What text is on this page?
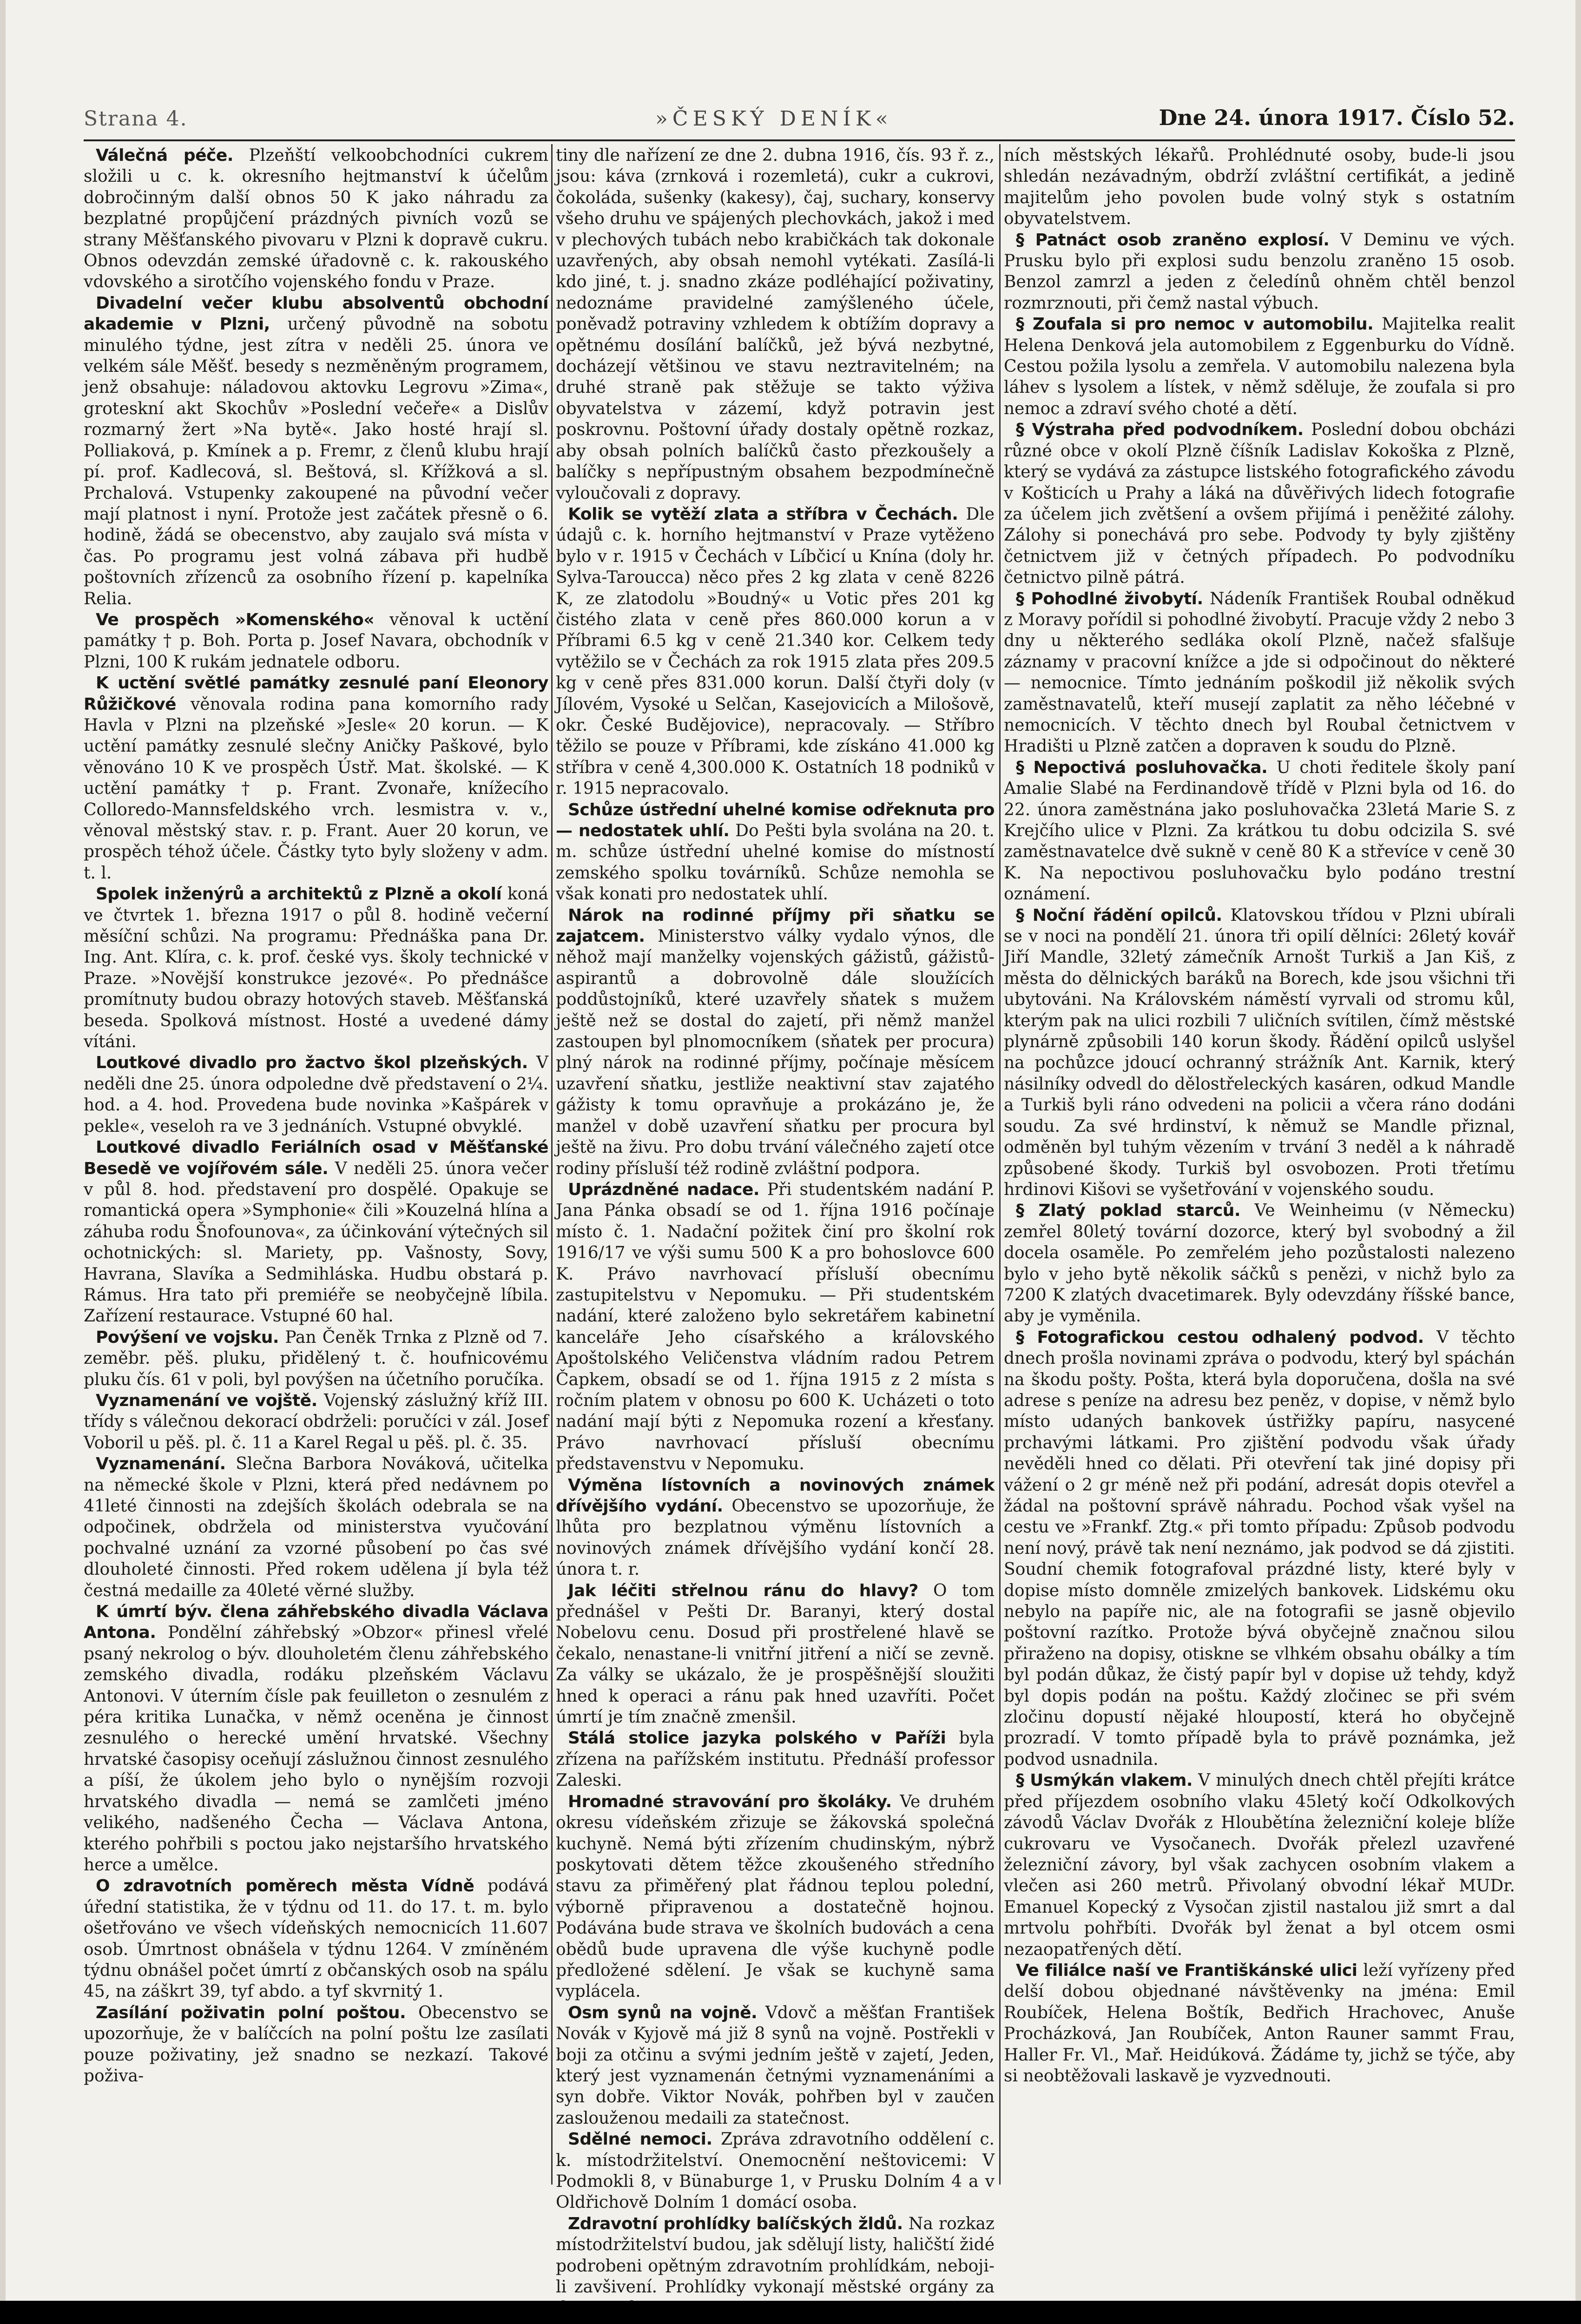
Strana 4.	»ČESKÝ DENÍK«	Dne 24. února 1917. Číslo 52.

Válečná péče. Plzeňští velkoobchodníci cukrem složili u c. k. okresního hejtmanství k účelům dobročinným další obnos 50 K jako náhradu za bezplatné propůjčení prázdných pivních vozů se strany Měšťanského pivovaru v Plzni k dopravě cukru. Obnos odevzdán zemské úřadovně c. k. rakouského vdovského a sirotčího vojenského fondu v Praze.

Divadelní večer klubu absolventů obchodní akademie v Plzni, určený původně na sobotu minulého týdne, jest zítra v neděli 25. února ve velkém sále Měšť. besedy s nezměněným programem, jenž obsahuje: náladovou aktovku Legrovu »Zima«, groteskní akt Skochův »Poslední večeře« a Dislův rozmarný žert »Na bytě«. Jako hosté hrají sl. Polliaková, p. Kmínek a p. Fremr, z členů klubu hrají pí. prof. Kadlecová, sl. Beštová, sl. Křížková a sl. Prchalová. Vstupenky zakoupené na původní večer mají platnost i nyní. Protože jest začátek přesně o 6. hodině, žádá se obecenstvo, aby zaujalo svá místa v čas. Po programu jest volná zábava při hudbě poštovních zřízenců za osobního řízení p. kapelníka Relia.

Ve prospěch »Komenského« věnoval k uctění památky † p. Boh. Porta p. Josef Navara, obchodník v Plzni, 100 K rukám jednatele odboru.

K uctění světlé památky zesnulé paní Eleonory Růžičkové věnovala rodina pana komorního rady Havla v Plzni na plzeňské »Jesle« 20 korun. — K uctění památky zesnulé slečny Aničky Paškové, bylo věnováno 10 K ve prospěch Ústř. Mat. školské. — K uctění památky † p. Frant. Zvonaře, knížecího Colloredo-Mannsfeldského vrch. lesmistra v. v., věnoval městský stav. r. p. Frant. Auer 20 korun, ve prospěch téhož účele. Částky tyto byly složeny v adm. t. l.

Spolek inženýrů a architektů z Plzně a okolí koná ve čtvrtek 1. března 1917 o půl 8. hodině večerní měsíční schůzi. Na programu: Přednáška pana Dr. Ing. Ant. Klíra, c. k. prof. české vys. školy technické v Praze. »Novější konstrukce jezové«. Po přednášce promítnuty budou obrazy hotových staveb. Měšťanská beseda. Spolková místnost. Hosté a uvedené dámy vítáni.

Loutkové divadlo pro žactvo škol plzeňských. V neděli dne 25. února odpoledne dvě představení o 2¼. hod. a 4. hod. Provedena bude novinka »Kašpárek v pekle«, veseloh ra ve 3 jednáních. Vstupné obvyklé.

Loutkové divadlo Feriálních osad v Měšťanské Besedě ve vojířovém sále. V neděli 25. února večer v půl 8. hod. představení pro dospělé. Opakuje se romantická opera »Symphonie« čili »Kouzelná hlína a záhuba rodu Šnofounova«, za účinkování výtečných sil ochotnických: sl. Mariety, pp. Vašnosty, Sovy, Havrana, Slavíka a Sedmihláska. Hudbu obstará p. Rámus. Hra tato při premiéře se neobyčejně líbila. Zařízení restaurace. Vstupné 60 hal.

Povýšení ve vojsku. Pan Čeněk Trnka z Plzně od 7. zeměbr. pěš. pluku, přidělený t. č. houfnicovému pluku čís. 61 v poli, byl povýšen na účetního poručíka.

Vyznamenání ve vojště. Vojenský záslužný kříž III. třídy s válečnou dekorací obdrželi: poručíci v zál. Josef Voboril u pěš. pl. č. 11 a Karel Regal u pěš. pl. č. 35.

Vyznamenání. Slečna Barbora Nováková, učitelka na německé škole v Plzni, která před nedávnem po 41leté činnosti na zdejších školách odebrala se na odpočinek, obdržela od ministerstva vyučování pochvalné uznání za vzorné působení po čas své dlouholeté činnosti. Před rokem udělena jí byla též čestná medaille za 40leté věrné služby.

K úmrtí býv. člena záhřebského divadla Václava Antona. Pondělní záhřebský »Obzor« přinesl vřelé psaný nekrolog o býv. dlouholetém členu záhřebského zemského divadla, rodáku plzeňském Václavu Antonovi. V úterním čísle pak feuilleton o zesnulém z péra kritika Lunačka, v němž oceněna je činnost zesnulého o herecké umění hrvatské. Všechny hrvatské časopisy oceňují záslužnou činnost zesnulého a píší, že úkolem jeho bylo o nynějším rozvoji hrvatského divadla — nemá se zamlčeti jméno velikého, nadšeného Čecha — Václava Antona, kterého pohřbili s poctou jako nejstaršího hrvatského herce a umělce.

O zdravotních poměrech města Vídně podává úřední statistika, že v týdnu od 11. do 17. t. m. bylo ošetřováno ve všech vídeňských nemocnicích 11.607 osob. Úmrtnost obnášela v týdnu 1264. V zmíněném týdnu obnášel počet úmrtí z občanských osob na spálu 45, na záškrt 39, tyf abdo. a tyf skvrnitý 1.

Zasílání poživatin polní poštou. Obecenstvo se upozorňuje, že v balíčcích na polní poštu lze zasílati pouze poživatiny, jež snadno se nezkazí. Takové poživa-

tiny dle nařízení ze dne 2. dubna 1916, čís. 93 ř. z., jsou: káva (zrnková i rozemletá), cukr a cukrovi, čokoláda, sušenky (kakesy), čaj, suchary, konservy všeho druhu ve spájených plechovkách, jakož i med v plechových tubách nebo krabičkách tak dokonale uzavřených, aby obsah nemohl vytékati. Zasílá-li kdo jiné, t. j. snadno zkáze podléhající poživatiny, nedoznáme pravidelné zamýšleného účele, poněvadž potraviny vzhledem k obtížím dopravy a opětnému dosílání balíčků, jež bývá nezbytné, docházejí většinou ve stavu neztravitelném; na druhé straně pak stěžuje se takto výživa obyvatelstva v zázemí, když potravin jest poskrovnu. Poštovní úřady dostaly opětně rozkaz, aby obsah polních balíčků často přezkoušely a balíčky s nepřípustným obsahem bezpodmínečně vyloučovali z dopravy.

Kolik se vytěží zlata a stříbra v Čechách. Dle údajů c. k. horního hejtmanství v Praze vytěženo bylo v r. 1915 v Čechách v Líbčicí u Knína (doly hr. Sylva-Taroucca) něco přes 2 kg zlata v ceně 8226 K, ze zlatodolu »Boudný« u Votic přes 201 kg čistého zlata v ceně přes 860.000 korun a v Příbrami 6.5 kg v ceně 21.340 kor. Celkem tedy vytěžilo se v Čechách za rok 1915 zlata přes 209.5 kg v ceně přes 831.000 korun. Další čtyři doly (v Jílovém, Vysoké u Selčan, Kasejovicích a Milošově, okr. České Budějovice), nepracovaly. — Stříbro těžilo se pouze v Příbrami, kde získáno 41.000 kg stříbra v ceně 4,300.000 K. Ostatních 18 podniků v r. 1915 nepracovalo.

Schůze ústřední uhelné komise odřeknuta pro — nedostatek uhlí. Do Pešti byla svolána na 20. t. m. schůze ústřední uhelné komise do místností zemského spolku továrníků. Schůze nemohla se však konati pro nedostatek uhlí.

Nárok na rodinné příjmy při sňatku se zajatcem. Ministerstvo války vydalo výnos, dle něhož mají manželky vojenských gážistů, gážistů-aspirantů a dobrovolně dále sloužících poddůstojníků, které uzavřely sňatek s mužem ještě než se dostal do zajetí, při němž manžel zastoupen byl plnomocníkem (sňatek per procura) plný nárok na rodinné příjmy, počínaje měsícem uzavření sňatku, jestliže neaktivní stav zajatého gážisty k tomu opravňuje a prokázáno je, že manžel v době uzavření sňatku per procura byl ještě na živu. Pro dobu trvání válečného zajetí otce rodiny přísluší též rodině zvláštní podpora.

Uprázdněné nadace. Při studentském nadání P. Jana Pánka obsadí se od 1. října 1916 počínaje místo č. 1. Nadační požitek činí pro školní rok 1916/17 ve výši sumu 500 K a pro bohoslovce 600 K. Právo navrhovací přísluší obecnímu zastupitelstvu v Nepomuku. — Při studentském nadání, které založeno bylo sekretářem kabinetní kanceláře Jeho císařského a královského Apoštolského Veličenstva vládním radou Petrem Čapkem, obsadí se od 1. října 1915 z 2 místa s ročním platem v obnosu po 600 K. Ucházeti o toto nadání mají býti z Nepomuka rození a křesťany. Právo navrhovací přísluší obecnímu představenstvu v Nepomuku.

Výměna lístovních a novinových známek dřívějšího vydání. Obecenstvo se upozorňuje, že lhůta pro bezplatnou výměnu lístovních a novinových známek dřívějšího vydání končí 28. února t. r.

Jak léčiti střelnou ránu do hlavy? O tom přednášel v Pešti Dr. Baranyi, který dostal Nobelovu cenu. Dosud při prostřelené hlavě se čekalo, nenastane-li vnitřní jitření a ničí se zevně. Za války se ukázalo, že je prospěšnější sloužiti hned k operaci a ránu pak hned uzavříti. Počet úmrtí je tím značně zmenšil.

Stálá stolice jazyka polského v Paříži byla zřízena na pařížském institutu. Přednáší professor Zaleski.

Hromadné stravování pro školáky. Ve druhém okresu vídeňském zřizuje se žákovská společná kuchyně. Nemá býti zřízením chudinským, nýbrž poskytovati dětem těžce zkoušeného středního stavu za přiměřený plat řádnou teplou polední, výborně připravenou a dostatečně hojnou. Podávána bude strava ve školních budovách a cena obědů bude upravena dle výše kuchyně podle předložené sdělení. Je však se kuchyně sama vyplácela.

Osm synů na vojně. Vdovč a měšťan František Novák v Kyjově má již 8 synů na vojně. Postřekli v boji za otčinu a svými jedním ještě v zajetí, Jeden, který jest vyznamenán četnými vyznamenáními a syn dobře. Viktor Novák, pohřben byl v zaučen zaslouženou medaili za statečnost.

Sdělné nemoci. Zpráva zdravotního oddělení c. k. místodržitelství. Onemocnění neštovicemi: V Podmokli 8, v Bünaburge 1, v Prusku Dolním 4 a v Oldřichově Dolním 1 domácí osoba.

Zdravotní prohlídky balíčských žldů. Na rozkaz místodržitelství budou, jak sdělují listy, haličští židé podrobeni opětným zdravotním prohlídkám, neboji-li zavšivení. Prohlídky vykonají městské orgány za

ních městských lékařů. Prohlédnuté osoby, bude-li jsou shledán nezávadným, obdrží zvláštní certifikát, a jedině majitelům jeho povolen bude volný styk s ostatním obyvatelstvem.

§ Patnáct osob zraněno explosí. V Deminu ve vých. Prusku bylo při explosi sudu benzolu zraněno 15 osob. Benzol zamrzl a jeden z čeledínů ohněm chtěl benzol rozmrznouti, při čemž nastal výbuch.

§ Zoufala si pro nemoc v automobilu. Majitelka realit Helena Denková jela automobilem z Eggenburku do Vídně. Cestou požila lysolu a zemřela. V automobilu nalezena byla láhev s lysolem a lístek, v němž sděluje, že zoufala si pro nemoc a zdraví svého choté a dětí.

§ Výstraha před podvodníkem. Poslední dobou obcházi různé obce v okolí Plzně číšník Ladislav Kokoška z Plzně, který se vydává za zástupce listského fotografického závodu v Košticích u Prahy a láká na důvěřivých lidech fotografie za účelem jich zvětšení a ovšem přijímá i peněžité zálohy. Zálohy si ponechává pro sebe. Podvody ty byly zjištěny četnictvem již v četných případech. Po podvodníku četnictvo pilně pátrá.

§ Pohodlné živobytí. Nádeník František Roubal odněkud z Moravy pořídil si pohodlné živobytí. Pracuje vždy 2 nebo 3 dny u některého sedláka okolí Plzně, načež sfalšuje záznamy v pracovní knížce a jde si odpočinout do některé — nemocnice. Tímto jednáním poškodil již několik svých zaměstnavatelů, kteří musejí zaplatit za něho léčebné v nemocnicích. V těchto dnech byl Roubal četnictvem v Hradišti u Plzně zatčen a dopraven k soudu do Plzně.

§ Nepoctivá posluhovačka. U choti ředitele školy paní Amalie Slabé na Ferdinandově třídě v Plzni byla od 16. do 22. února zaměstnána jako posluhovačka 23letá Marie S. z Krejčího ulice v Plzni. Za krátkou tu dobu odcizila S. své zaměstnavatelce dvě sukně v ceně 80 K a střevíce v ceně 30 K. Na nepoctivou posluhovačku bylo podáno trestní oznámení.

§ Noční řádění opilců. Klatovskou třídou v Plzni ubírali se v noci na pondělí 21. února tři opilí dělníci: 26letý kovář Jiří Mandle, 32letý zámečník Arnošt Turkiš a Jan Kiš, z města do dělnických baráků na Borech, kde jsou všichni tři ubytováni. Na Královském náměstí vyrvali od stromu kůl, kterým pak na ulici rozbili 7 uličních svítilen, čímž městské plynárně způsobili 140 korun škody. Řádění opilců uslyšel na pochůzce jdoucí ochranný strážník Ant. Karnik, který násilníky odvedl do dělostřeleckých kasáren, odkud Mandle a Turkiš byli ráno odvedeni na policii a včera ráno dodáni soudu. Za své hrdinství, k němuž se Mandle přiznal, odměněn byl tuhým vězením v trvání 3 neděl a k náhradě způsobené škody. Turkiš byl osvobozen. Proti třetímu hrdinovi Kišovi se vyšetřování v vojenského soudu.

§ Zlatý poklad starců. Ve Weinheimu (v Německu) zemřel 80letý tovární dozorce, který byl svobodný a žil docela osaměle. Po zemřelém jeho pozůstalosti nalezeno bylo v jeho bytě několik sáčků s penězi, v nichž bylo za 7200 K zlatých dvacetimarek. Byly odevzdány říšské bance, aby je vyměnila.

§ Fotografickou cestou odhalený podvod. V těchto dnech prošla novinami zpráva o podvodu, který byl spáchán na škodu pošty. Pošta, která byla doporučena, došla na své adrese s peníze na adresu bez peněz, v dopise, v němž bylo místo udaných bankovek ústřižky papíru, nasycené prchavými látkami. Pro zjištění podvodu však úřady nevěděli hned co dělati. Při otevření tak jiné dopisy při vážení o 2 gr méně než při podání, adresát dopis otevřel a žádal na poštovní správě náhradu. Pochod však vyšel na cestu ve »Frankf. Ztg.« při tomto případu: Způsob podvodu není nový, právě tak není neznámo, jak podvod se dá zjistiti. Soudní chemik fotografoval prázdné listy, které byly v dopise místo domněle zmizelých bankovek. Lidskému oku nebylo na papíře nic, ale na fotografii se jasně objevilo poštovní razítko. Protože bývá obyčejně značnou silou přiraženo na dopisy, otiskne se vlhkém obsahu obálky a tím byl podán důkaz, že čistý papír byl v dopise už tehdy, když byl dopis podán na poštu. Každý zločinec se při svém zločinu dopustí nějaké hloupostí, která ho obyčejně prozradí. V tomto případě byla to právě poznámka, jež podvod usnadnila.

§ Usmýkán vlakem. V minulých dnech chtěl přejíti krátce před příjezdem osobního vlaku 45letý kočí Odkolkových závodů Václav Dvořák z Hloubětína železniční koleje blíže cukrovaru ve Vysočanech. Dvořák přelezl uzavřené železniční závory, byl však zachycen osobním vlakem a vlečen asi 260 metrů. Přivolaný obvodní lékař MUDr. Emanuel Kopecký z Vysočan zjistil nastalou již smrt a dal mrtvolu pohřbíti. Dvořák byl ženat a byl otcem osmi nezaopatřených dětí.

Ve filiálce naší ve Františkánské ulici leží vyřízeny před delší dobou objednané návštěvenky na jména: Emil Roubíček, Helena Boštík, Bedřich Hrachovec, Anuše Procházková, Jan Roubíček, Anton Rauner sammt Frau, Haller Fr. Vl., Mař. Heidúková. Žádáme ty, jichž se týče, aby si neobtěžovali laskavě je vyzvednouti.
